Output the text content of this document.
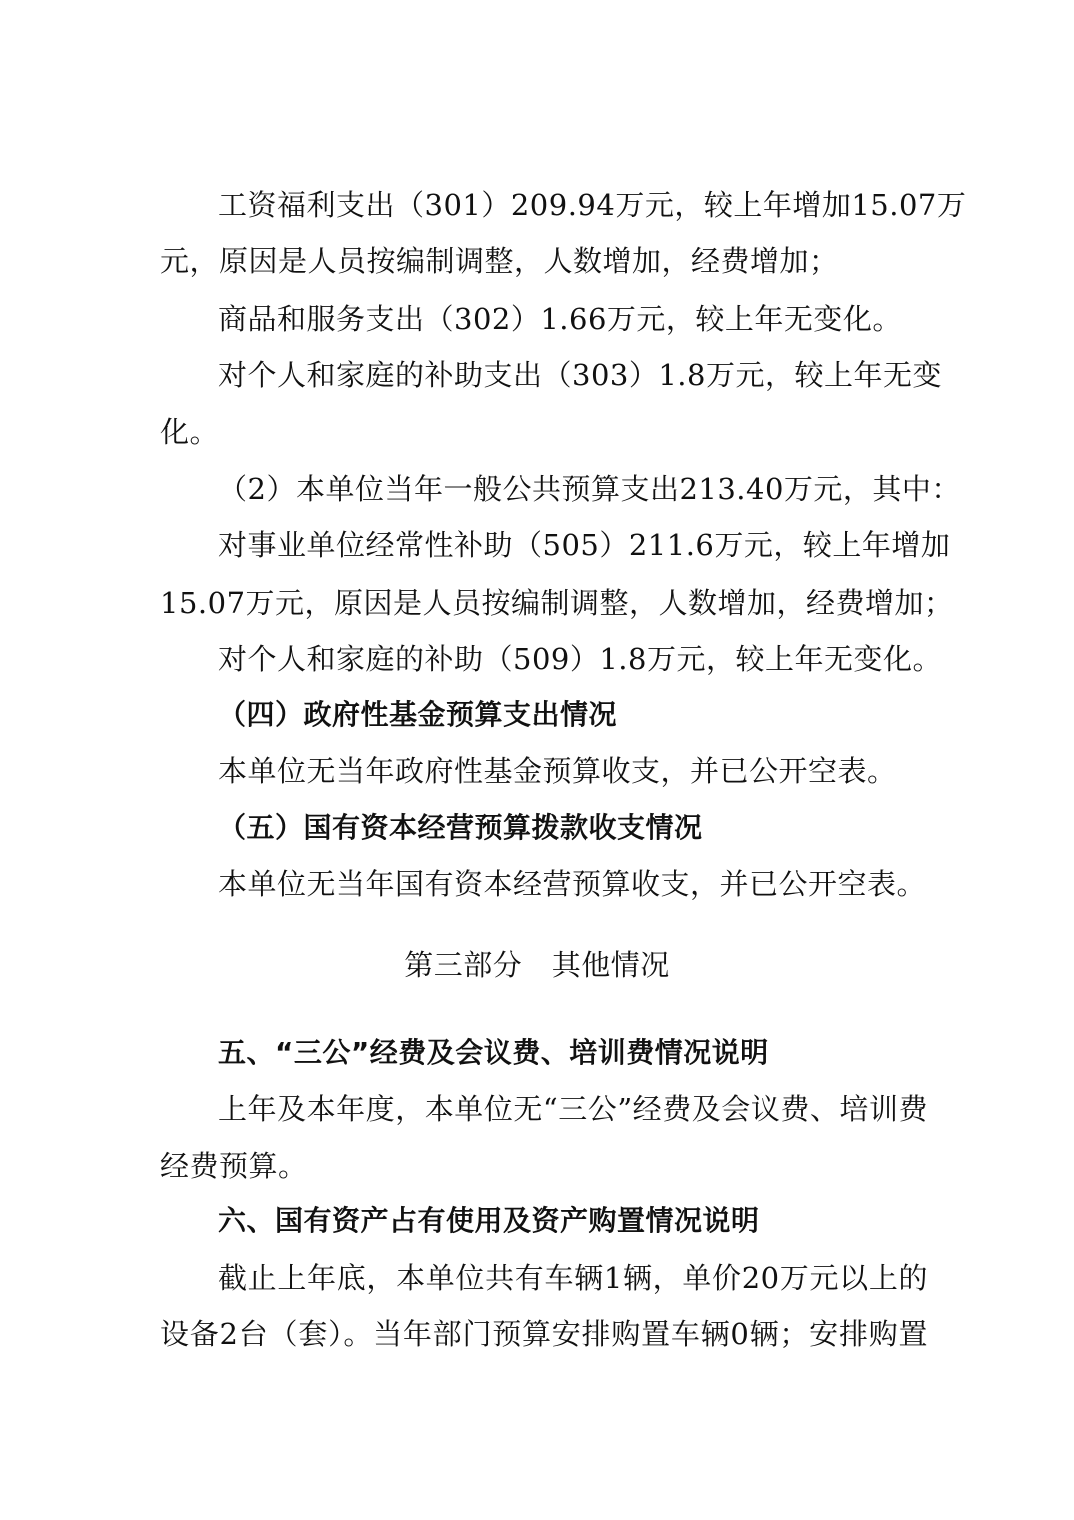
工资福利支出（301）209.94万元，较上年增加15.07万
元，原因是人员按编制调整，人数增加，经费增加；
商品和服务支出（302）1.66万元，较上年无变化。
对个人和家庭的补助支出（303）1.8万元，较上年无变
化。
（2）本单位当年一般公共预算支出213.40万元，其中：
对事业单位经常性补助（505）211.6万元，较上年增加
15.07万元，原因是人员按编制调整，人数增加，经费增加；
对个人和家庭的补助（509）1.8万元，较上年无变化。
（四）政府性基金预算支出情况
本单位无当年政府性基金预算收支，并已公开空表。
（五）国有资本经营预算拨款收支情况
本单位无当年国有资本经营预算收支，并已公开空表。
第三部分　其他情况
五、“三公”经费及会议费、培训费情况说明
上年及本年度，本单位无“三公”经费及会议费、培训费
经费预算。
六、国有资产占有使用及资产购置情况说明
截止上年底，本单位共有车辆1辆，单价20万元以上的
设备2台（套）。当年部门预算安排购置车辆0辆；安排购置
